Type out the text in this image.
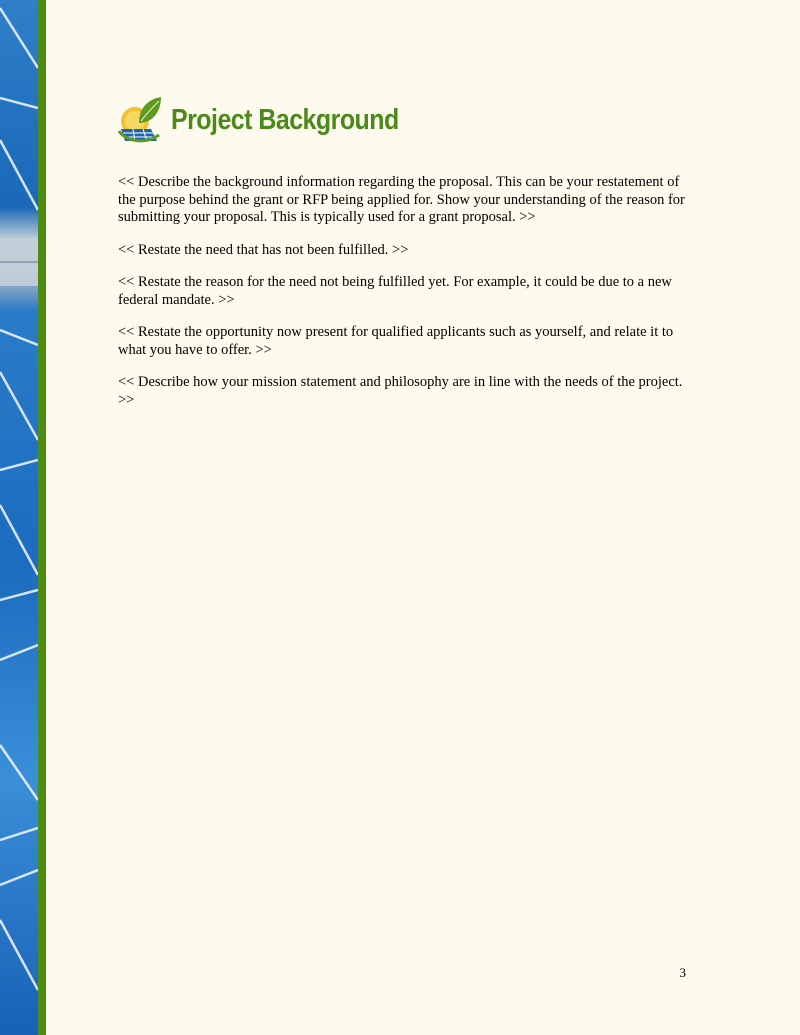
Project Background

<< Describe the background information regarding the proposal. This can be your restatement of the purpose behind the grant or RFP being applied for. Show your understanding of the reason for submitting your proposal. This is typically used for a grant proposal. >>

<< Restate the need that has not been fulfilled. >>

<< Restate the reason for the need not being fulfilled yet. For example, it could be due to a new federal mandate. >>

<< Restate the opportunity now present for qualified applicants such as yourself, and relate it to what you have to offer. >>

<< Describe how your mission statement and philosophy are in line with the needs of the project. >>

3
